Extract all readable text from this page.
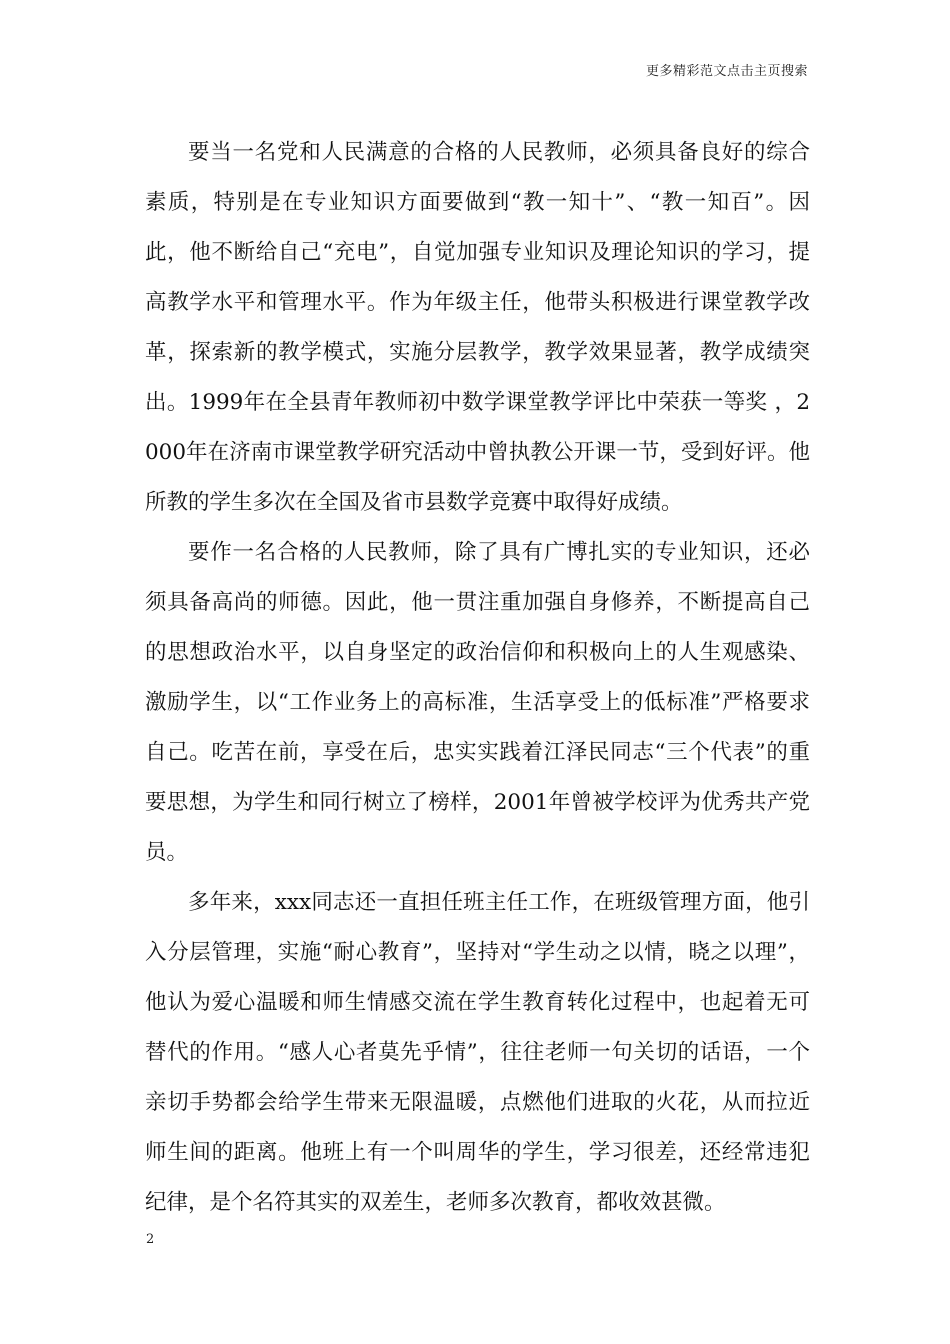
更多精彩范文点击主页搜索

要当一名党和人民满意的合格的人民教师，必须具备良好的综合素质，特别是在专业知识方面要做到“教一知十”、“教一知百”。因此，他不断给自己“充电”，自觉加强专业知识及理论知识的学习，提高教学水平和管理水平。作为年级主任，他带头积极进行课堂教学改革，探索新的教学模式，实施分层教学，教学效果显著，教学成绩突出。1999年在全县青年教师初中数学课堂教学评比中荣获一等奖 ，2000年在济南市课堂教学研究活动中曾执教公开课一节，受到好评。他所教的学生多次在全国及省市县数学竞赛中取得好成绩。

要作一名合格的人民教师，除了具有广博扎实的专业知识，还必须具备高尚的师德。因此，他一贯注重加强自身修养，不断提高自己的思想政治水平，以自身坚定的政治信仰和积极向上的人生观感染、激励学生，以“工作业务上的高标准，生活享受上的低标准”严格要求自己。吃苦在前，享受在后，忠实实践着江泽民同志“三个代表”的重要思想，为学生和同行树立了榜样，2001年曾被学校评为优秀共产党员。

多年来，xxx同志还一直担任班主任工作，在班级管理方面，他引入分层管理，实施“耐心教育”，坚持对“学生动之以情，晓之以理”，他认为爱心温暖和师生情感交流在学生教育转化过程中，也起着无可替代的作用。“感人心者莫先乎情”，往往老师一句关切的话语，一个亲切手势都会给学生带来无限温暖，点燃他们进取的火花，从而拉近师生间的距离。他班上有一个叫周华的学生，学习很差，还经常违犯纪律，是个名符其实的双差生，老师多次教育，都收效甚微。

2
